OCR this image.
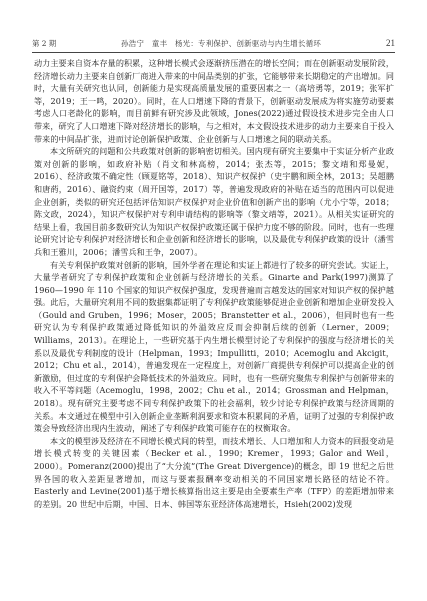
第 2 期	孙浩宁　童丰　杨光：专利保护、创新驱动与内生增长循环	21

动力主要来自资本存量的积累，这种增长模式会逐渐挤压潜在的增长空间；而在创新驱动发展阶段，经济增长动力主要来自创新厂商进入带来的中间品类别的扩张，它能够带来长期稳定的产出增加。同时，大量有关研究也认同，创新能力是实现高质量发展的重要因素之一（高培勇等，2019；张军扩等，2019；王一鸣，2020）。同时，在人口增速下降的背景下，创新驱动发展成为将实施劳动要素考虑人口老龄化的影响，而目前鲜有研究涉及此领域，Jones(2022)通过假设技术进步完全由人口带来，研究了人口增速下降对经济增长的影响，与之相对，本文假设技术进步的动力主要来自于投入带来的中间品扩张，进而讨论创新保护政策、企业创新与人口增速之间的联动关系。

本文所研究的问题和公共政策对创新的影响密切相关。国内现有研究主要集中于实证分析产业政策对创新的影响，如政府补贴（肖文和林高榜，2014；张杰等，2015；黎文靖和郑曼妮，2016）、经济政策不确定性（顾夏铭等，2018）、知识产权保护（史宇鹏和顾全林，2013；吴超鹏和唐菂，2016）、融资约束（周开国等，2017）等，普遍发现政府的补贴在适当的范围内可以促进企业创新，类似的研究还包括评估知识产权保护对企业价值和创新产出的影响（尤小宁等，2018；陈文政，2024），知识产权保护对专利申请结构的影响等（黎文靖等，2021）。从相关实证研究的结果上看，我国目前多数研究认为知识产权保护政策还属于保护力度不够的阶段。同时，也有一些理论研究讨论专利保护对经济增长和企业创新和经济增长的影响，以及最优专利保护政策的设计（潘雪兵和王雅川，2006；潘雪兵和王争，2007）。

有关专利保护政策对创新的影响，国外学者在理论和实证上都进行了较多的研究尝试。实证上，大量学者研究了专利保护政策和企业创新与经济增长的关系。Ginarte and Park(1997)测算了 1960—1990 年 110 个国家的知识产权保护强度，发现普遍而言越发达的国家对知识产权的保护越强。此后，大量研究利用不同的数据集都证明了专利保护政策能够促进企业创新和增加企业研发投入（Gould and Gruben，1996；Moser，2005；Branstetter et al.，2006），但同时也有一些研究认为专利保护政策通过降低知识的外溢效应反而会抑制后续的创新（Lerner，2009；Williams，2013）。在理论上，一些研究基于内生增长模型讨论了专利保护的强度与经济增长的关系以及最优专利制度的设计（Helpman，1993；Impullitti，2010；Acemoglu and Akcigit，2012；Chu et al.，2014），普遍发现在一定程度上，对创新厂商提供专利保护可以提高企业的创新激励，但过度的专利保护会降低技术的外溢效应。同时，也有一些研究聚焦专利保护与创新带来的收入不平等问题（Acemoglu，1998，2002；Chu et al.，2014；Grossman and Helpman，2018）。现有研究主要考虑不同专利保护政策下的社会福利，较少讨论专利保护政策与经济周期的关系。本文通过在模型中引入创新企业垄断利润要求和资本积累间的矛盾，证明了过强的专利保护政策会导致经济出现内生波动，阐述了专利保护政策可能存在的权衡取舍。

本文的模型涉及经济在不同增长模式间的转型，而技术增长、人口增加和人力资本的回报变动是增长模式转变的关键因素（Becker et al.，1990；Kremer，1993；Galor and Weil，2000）。Pomeranz(2000)提出了“大分流”(The Great Divergence)的概念，即 19 世纪之后世界各国的收入差距显著增加，而这与要素报酬率变动相关的不同国家增长路径的结论不符。Easterly and Levine(2001)基于增长核算指出这主要是由全要素生产率（TFP）的差距增加带来的差别。20 世纪中后期，中国、日本、韩国等东亚经济体高速增长，Hsieh(2002)发现
